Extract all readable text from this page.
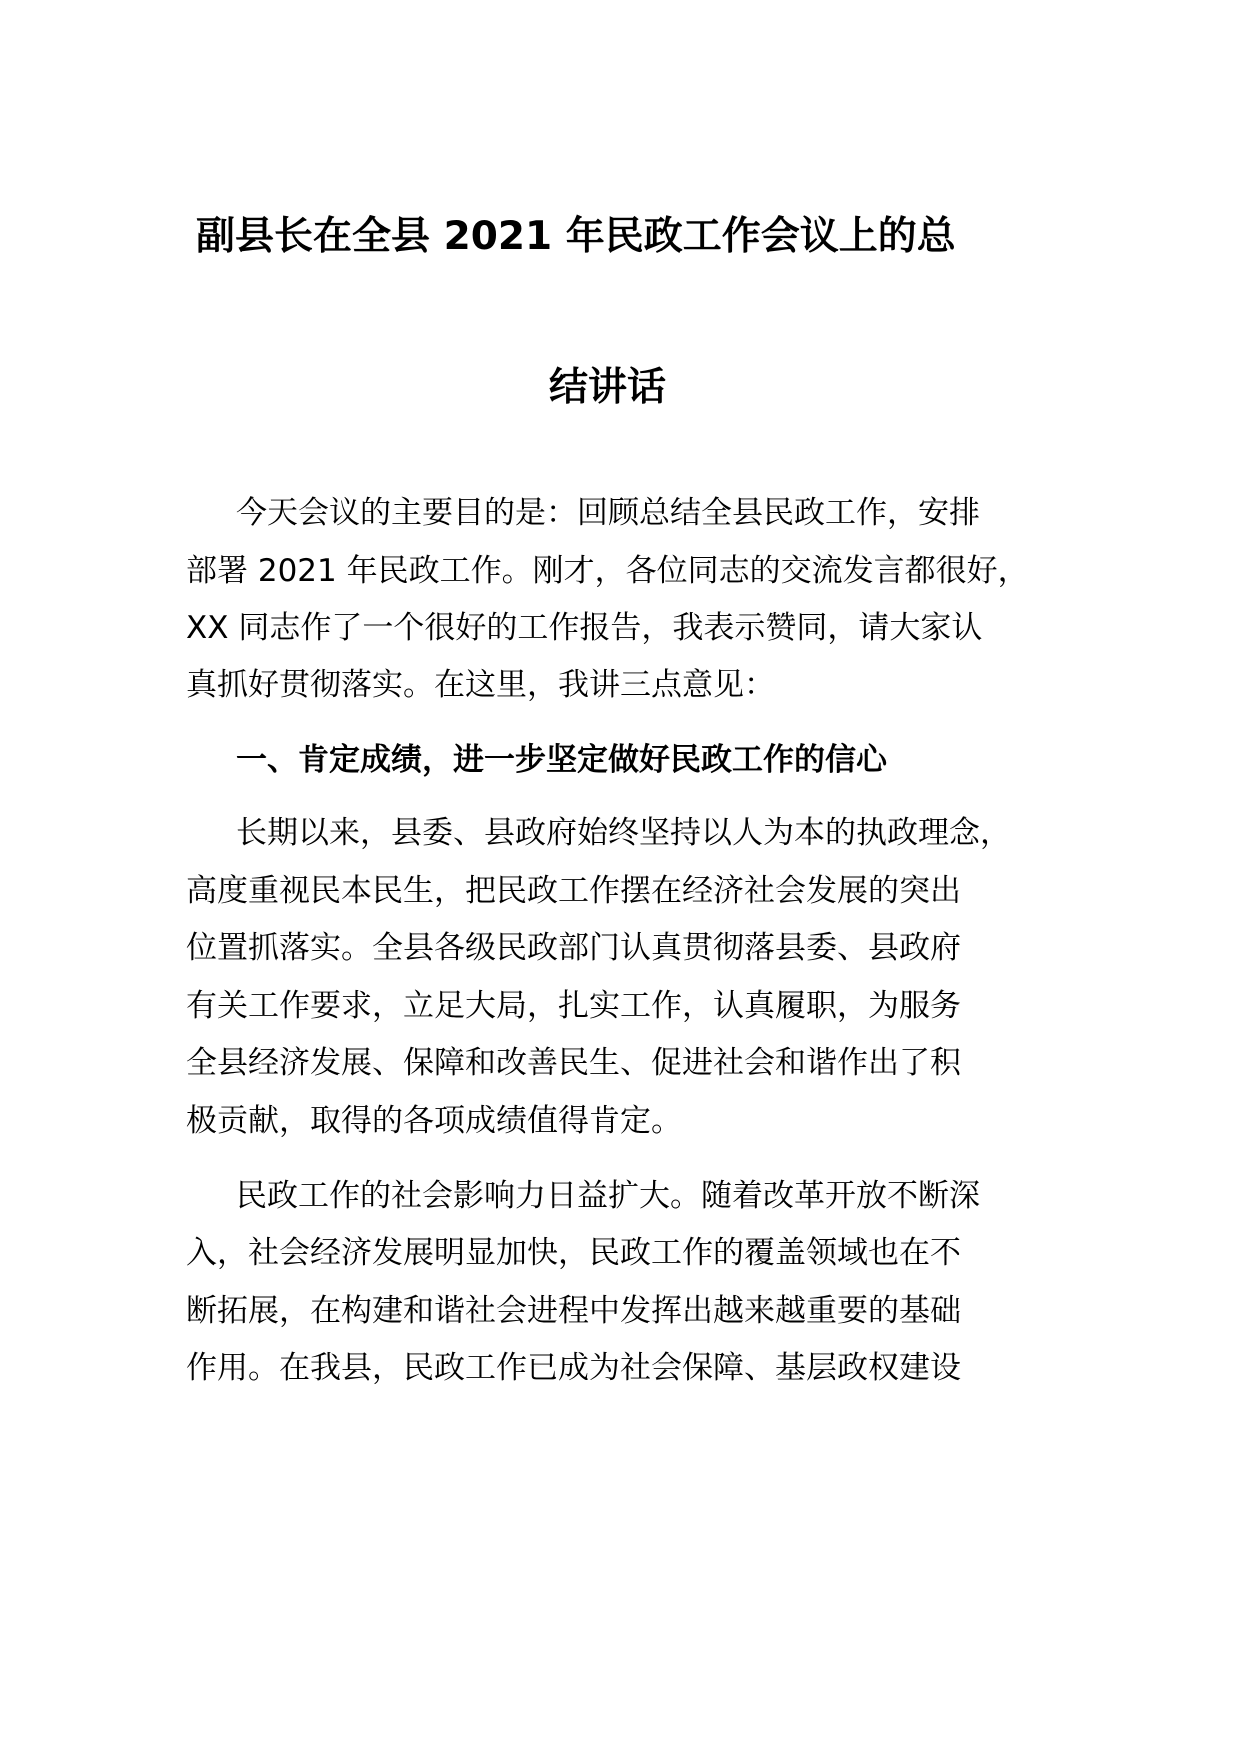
副县长在全县 2021 年民政工作会议上的总
结讲话
今天会议的主要目的是：回顾总结全县民政工作，安排
部署 2021 年民政工作。刚才，各位同志的交流发言都很好，
XX 同志作了一个很好的工作报告，我表示赞同，请大家认
真抓好贯彻落实。在这里，我讲三点意见：
一、肯定成绩，进一步坚定做好民政工作的信心
长期以来，县委、县政府始终坚持以人为本的执政理念，
高度重视民本民生，把民政工作摆在经济社会发展的突出
位置抓落实。全县各级民政部门认真贯彻落县委、县政府
有关工作要求，立足大局，扎实工作，认真履职，为服务
全县经济发展、保障和改善民生、促进社会和谐作出了积
极贡献，取得的各项成绩值得肯定。
民政工作的社会影响力日益扩大。随着改革开放不断深
入，社会经济发展明显加快，民政工作的覆盖领域也在不
断拓展，在构建和谐社会进程中发挥出越来越重要的基础
作用。在我县，民政工作已成为社会保障、基层政权建设
